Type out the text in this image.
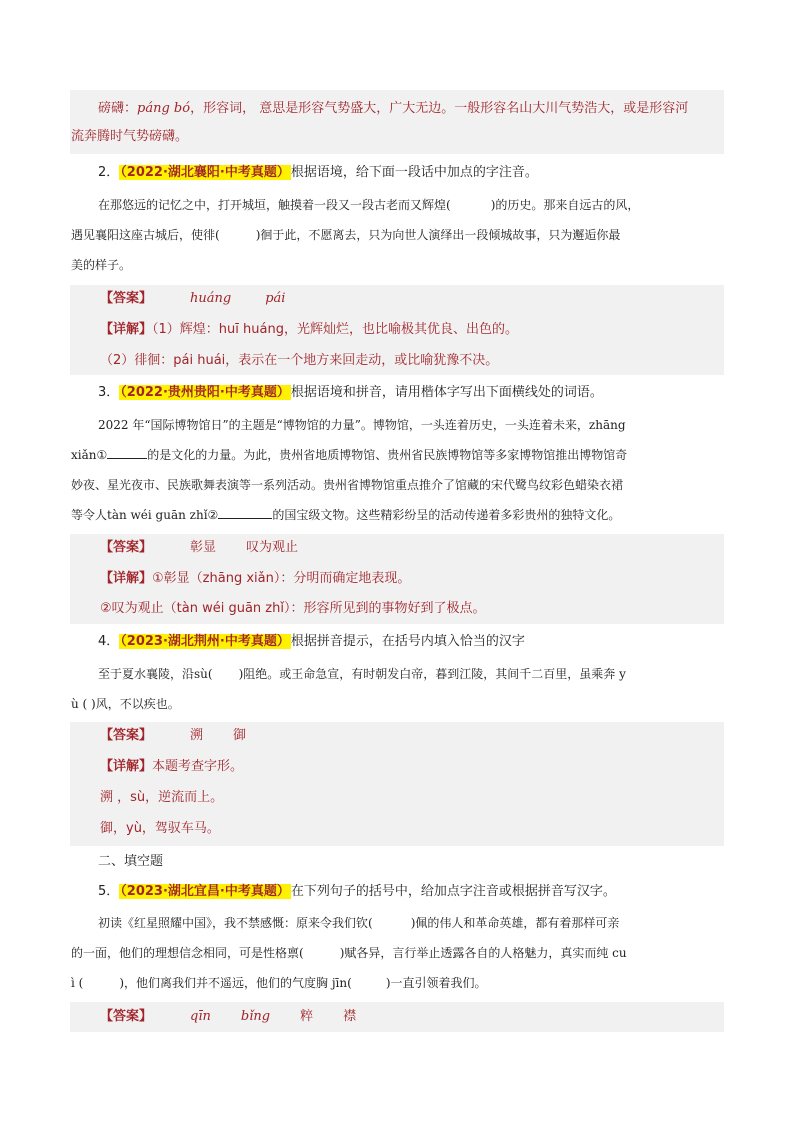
磅礴：páng bó，形容词， 意思是形容气势盛大，广大无边。一般形容名山大川气势浩大，或是形容河
流奔腾时气势磅礴。
2．（2022·湖北襄阳·中考真题）根据语境，给下面一段话中加点的字注音。
在那悠远的记忆之中，打开城垣，触摸着一段又一段古老而又辉煌(	)的历史。那来自远古的风，
遇见襄阳这座古城后，使徘(	)徊于此，不愿离去，只为向世人演绎出一段倾城故事，只为邂逅你最
美的样子。
【答案】	huáng	pái
【详解】（1）辉煌：huī huáng，光辉灿烂，也比喻极其优良、出色的。
（2）徘徊：pái huái，表示在一个地方来回走动，或比喻犹豫不决。
3．（2022·贵州贵阳·中考真题）根据语境和拼音，请用楷体字写出下面横线处的词语。
2022 年“国际博物馆日”的主题是“博物馆的力量”。博物馆，一头连着历史，一头连着未来，zhāng
xiǎn①	的是文化的力量。为此，贵州省地质博物馆、贵州省民族博物馆等多家博物馆推出博物馆奇
妙夜、星光夜市、民族歌舞表演等一系列活动。贵州省博物馆重点推介了馆藏的宋代鹭鸟纹彩色蜡染衣裙
等令人tàn wéi guān zhǐ②	的国宝级文物。这些精彩纷呈的活动传递着多彩贵州的独特文化。
【答案】	彰显 叹为观止
【详解】①彰显（zhāng xiǎn）：分明而确定地表现。
②叹为观止（tàn wéi guān zhǐ）：形容所见到的事物好到了极点。
4．（2023·湖北荆州·中考真题）根据拼音提示，在括号内填入恰当的汉字
至于夏水襄陵，沿sù( )阻绝。或王命急宣，有时朝发白帝，暮到江陵，其间千二百里，虽乘奔 y
ù ( )风，不以疾也。
【答案】	溯 御
【详解】本题考查字形。
溯 ，sù，逆流而上。
御，yù，驾驭车马。
二、填空题
5．（2023·湖北宜昌·中考真题）在下列句子的括号中，给加点字注音或根据拼音写汉字。
初读《红星照耀中国》，我不禁感慨：原来令我们钦(	)佩的伟人和革命英雄，都有着那样可亲
的一面，他们的理想信念相同，可是性格禀(	)赋各异，言行举止透露各自的人格魅力，真实而纯 cu
ì (	)，他们离我们并不遥远，他们的气度胸 jīn(	)一直引领着我们。
【答案】	qīn bǐng 粹 襟
